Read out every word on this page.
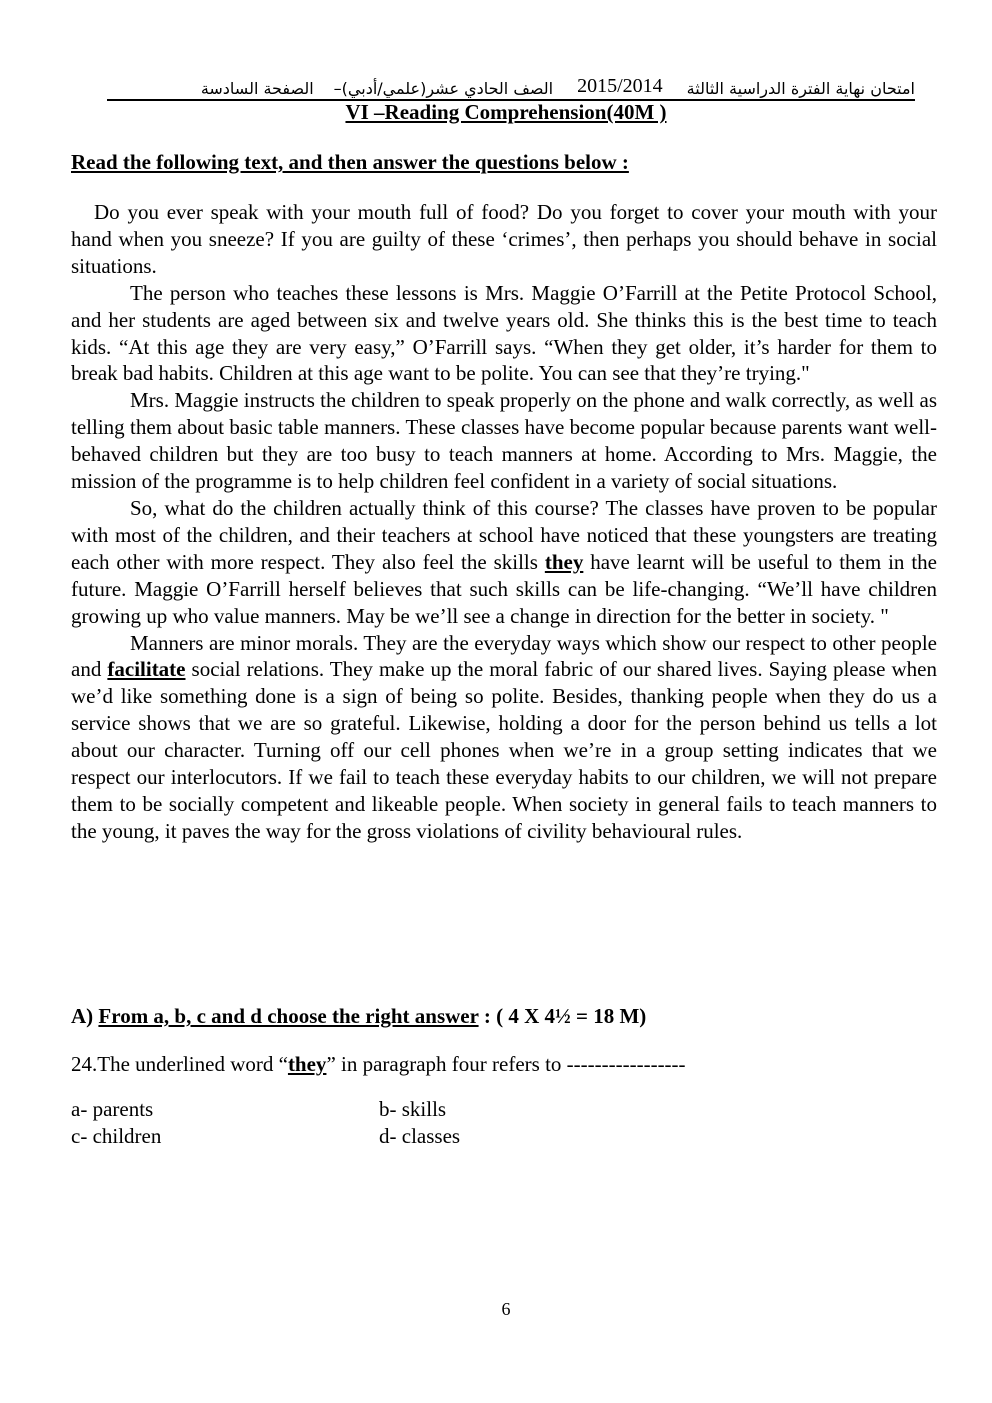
امتحان نهاية الفترة الدراسية الثالثة
2015/2014
الصف الحادي عشر(علمي/أدبي)–
الصفحة السادسة
VI –Reading Comprehension(40M )
Read the following text, and then answer the questions below :

Do you ever speak with your mouth full of food? Do you forget to cover your mouth with your hand when you sneeze? If you are guilty of these ‘crimes’, then perhaps you should behave in social situations.

The person who teaches these lessons is Mrs. Maggie O’Farrill at the Petite Protocol School, and her students are aged between six and twelve years old. She thinks this is the best time to teach kids. “At this age they are very easy,” O’Farrill says. “When they get older, it’s harder for them to break bad habits. Children at this age want to be polite. You can see that they’re trying."

Mrs. Maggie instructs the children to speak properly on the phone and walk correctly, as well as telling them about basic table manners. These classes have become popular because parents want well-behaved children but they are too busy to teach manners at home. According to Mrs. Maggie, the mission of the programme is to help children feel confident in a variety of social situations.

So, what do the children actually think of this course? The classes have proven to be popular with most of the children, and their teachers at school have noticed that these youngsters are treating each other with more respect. They also feel the skills they have learnt will be useful to them in the future. Maggie O’Farrill herself believes that such skills can be life-changing. “We’ll have children growing up who value manners. May be we’ll see a change in direction for the better in society. "

Manners are minor morals. They are the everyday ways which show our respect to other people and facilitate social relations. They make up the moral fabric of our shared lives. Saying please when we’d like something done is a sign of being so polite. Besides, thanking people when they do us a service shows that we are so grateful. Likewise, holding a door for the person behind us tells a lot about our character. Turning off our cell phones when we’re in a group setting indicates that we respect our interlocutors. If we fail to teach these everyday habits to our children, we will not prepare them to be socially competent and likeable people. When society in general fails to teach manners to the young, it paves the way for the gross violations of civility behavioural rules.

A) From a, b, c and d choose the right answer : ( 4 X 4½ = 18 M)
24.The underlined word “they” in paragraph four refers to -----------------
a- parents	b- skills
c- children	d- classes
6
